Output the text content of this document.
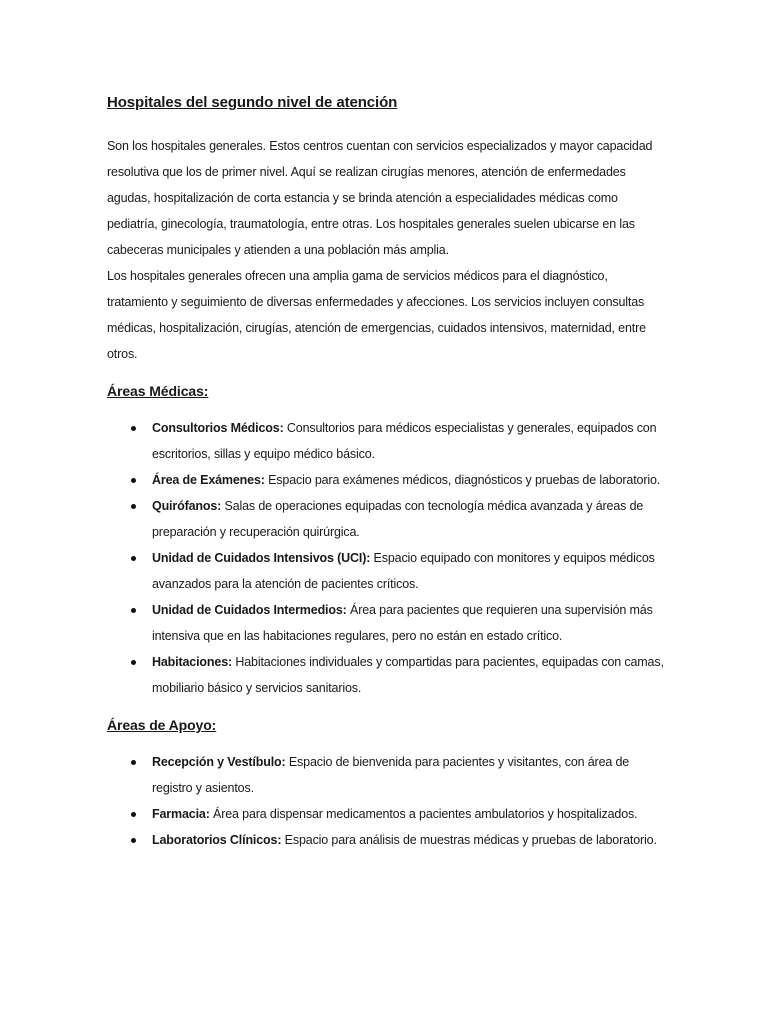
Hospitales del segundo nivel de atención

Son los hospitales generales. Estos centros cuentan con servicios especializados y mayor capacidad resolutiva que los de primer nivel. Aquí se realizan cirugías menores, atención de enfermedades agudas, hospitalización de corta estancia y se brinda atención a especialidades médicas como pediatría, ginecología, traumatología, entre otras. Los hospitales generales suelen ubicarse en las cabeceras municipales y atienden a una población más amplia.

Los hospitales generales ofrecen una amplia gama de servicios médicos para el diagnóstico, tratamiento y seguimiento de diversas enfermedades y afecciones. Los servicios incluyen consultas médicas, hospitalización, cirugías, atención de emergencias, cuidados intensivos, maternidad, entre otros.

Áreas Médicas:
Consultorios Médicos: Consultorios para médicos especialistas y generales, equipados con escritorios, sillas y equipo médico básico.
Área de Exámenes: Espacio para exámenes médicos, diagnósticos y pruebas de laboratorio.
Quirófanos: Salas de operaciones equipadas con tecnología médica avanzada y áreas de preparación y recuperación quirúrgica.
Unidad de Cuidados Intensivos (UCI): Espacio equipado con monitores y equipos médicos avanzados para la atención de pacientes críticos.
Unidad de Cuidados Intermedios: Área para pacientes que requieren una supervisión más intensiva que en las habitaciones regulares, pero no están en estado crítico.
Habitaciones: Habitaciones individuales y compartidas para pacientes, equipadas con camas, mobiliario básico y servicios sanitarios.
Áreas de Apoyo:
Recepción y Vestíbulo: Espacio de bienvenida para pacientes y visitantes, con área de registro y asientos.
Farmacia: Área para dispensar medicamentos a pacientes ambulatorios y hospitalizados.
Laboratorios Clínicos: Espacio para análisis de muestras médicas y pruebas de laboratorio.
